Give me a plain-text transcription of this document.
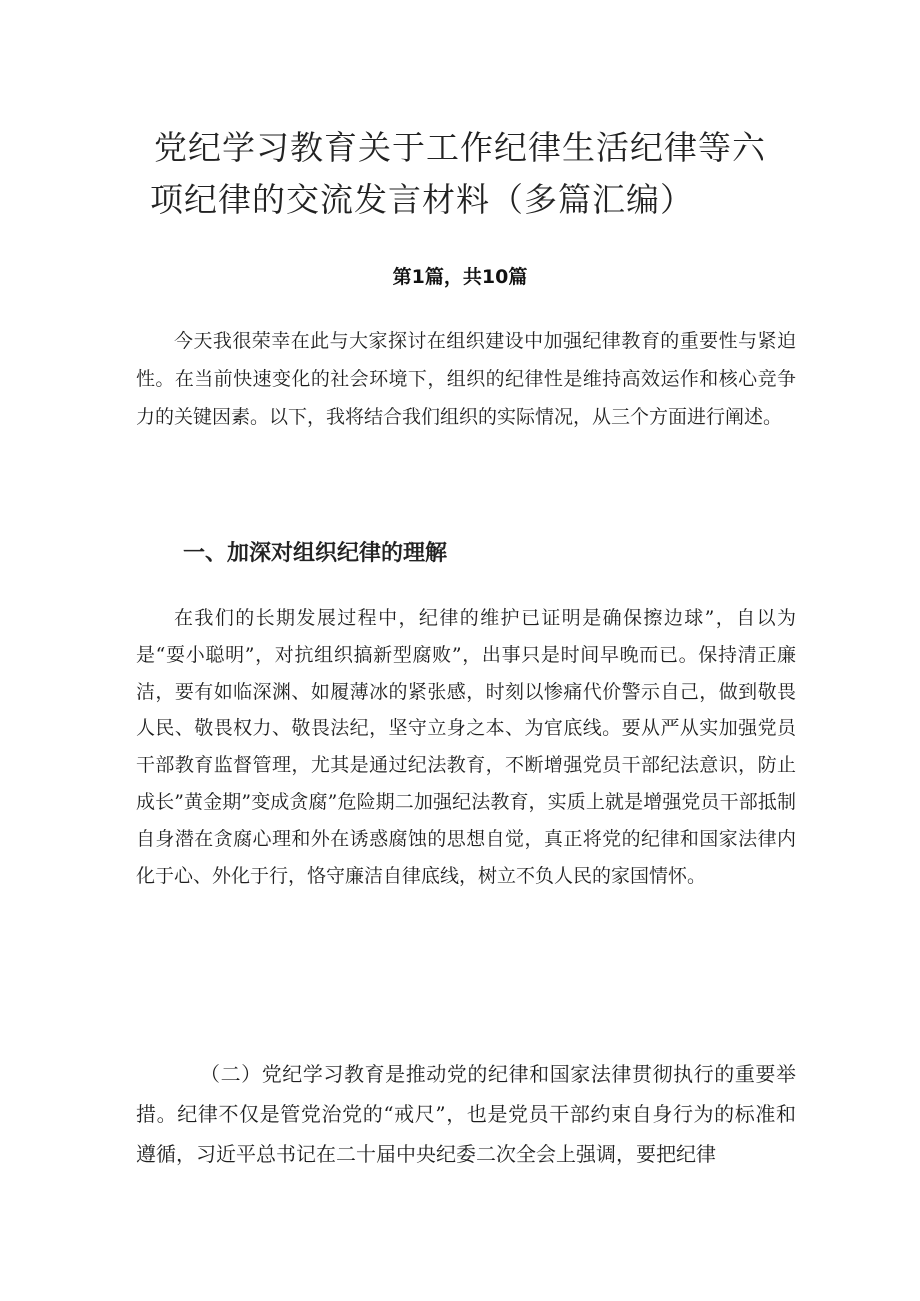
党纪学习教育关于工作纪律生活纪律等六
项纪律的交流发言材料（多篇汇编）
第1篇，共10篇

今天我很荣幸在此与大家探讨在组织建设中加强纪律教育的重要性与紧迫性。在当前快速变化的社会环境下，组织的纪律性是维持高效运作和核心竞争力的关键因素。以下，我将结合我们组织的实际情况，从三个方面进行阐述。

一、加深对组织纪律的理解

在我们的长期发展过程中，纪律的维护已证明是确保擦边球”，自以为是“耍小聪明”，对抗组织搞新型腐败”，出事只是时间早晚而已。保持清正廉洁，要有如临深渊、如履薄冰的紧张感，时刻以惨痛代价警示自己，做到敬畏人民、敬畏权力、敬畏法纪，坚守立身之本、为官底线。要从严从实加强党员干部教育监督管理，尤其是通过纪法教育，不断增强党员干部纪法意识，防止成长”黄金期”变成贪腐”危险期二加强纪法教育，实质上就是增强党员干部抵制自身潜在贪腐心理和外在诱惑腐蚀的思想自觉，真正将党的纪律和国家法律内化于心、外化于行，恪守廉洁自律底线，树立不负人民的家国情怀。

（二）党纪学习教育是推动党的纪律和国家法律贯彻执行的重要举措。纪律不仅是管党治党的“戒尺”，也是党员干部约束自身行为的标准和遵循，习近平总书记在二十届中央纪委二次全会上强调，要把纪律
